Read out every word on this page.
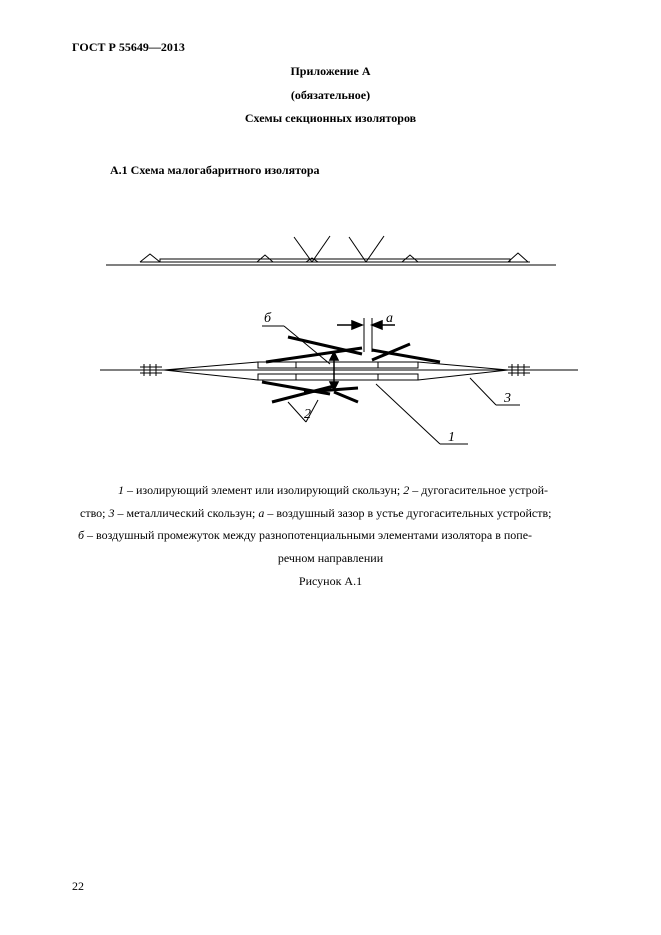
ГОСТ Р 55649—2013
Приложение А
(обязательное)
Схемы секционных изоляторов
А.1 Схема малогабаритного изолятора
б	а
2
3
1
1 – изолирующий элемент или изолирующий скользун; 2 – дугогасительное устрой-
ство; 3 – металлический скользун; а – воздушный зазор в устье дугогасительных устройств;
б – воздушный промежуток между разнопотенциальными элементами изолятора в попе-
речном направлении
Рисунок А.1
22
